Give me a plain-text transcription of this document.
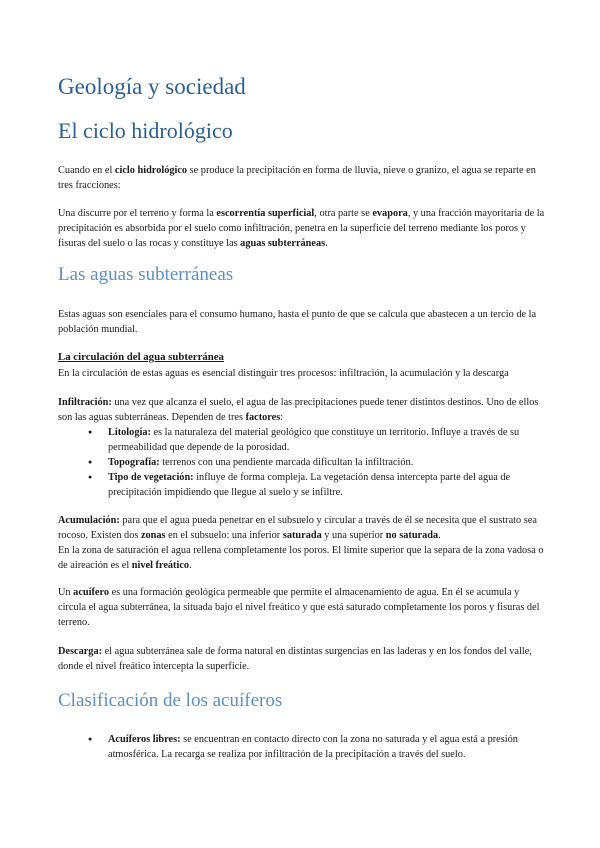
Geología y sociedad
El ciclo hidrológico
Cuando en el ciclo hidrológico se produce la precipitación en forma de lluvia, nieve o granizo, el agua se reparte en tres fracciones:
Una discurre por el terreno y forma la escorrentía superficial, otra parte se evapora, y una fracción mayoritaria de la precipitación es absorbida por el suelo como infiltración, penetra en la superficie del terreno mediante los poros y fisuras del suelo o las rocas y constituye las aguas subterráneas.
Las aguas subterráneas
Estas aguas son esenciales para el consumo humano, hasta el punto de que se calcula que abastecen a un tercio de la población mundial.
La circulación del agua subterránea
En la circulación de estas aguas es esencial distinguir tres procesos: infiltración, la acumulación y la descarga
Infiltración: una vez que alcanza el suelo, el agua de las precipitaciones puede tener distintos destinos. Uno de ellos son las aguas subterráneas. Dependen de tres factores:
● Litología: es la naturaleza del material geológico que constituye un territorio. Influye a través de su permeabilidad que depende de la porosidad.
● Topografía: terrenos con una pendiente marcada dificultan la infiltración.
● Tipo de vegetación: influye de forma compleja. La vegetación densa intercepta parte del agua de precipitación impidiendo que llegue al suelo y se infiltre.
Acumulación: para que el agua pueda penetrar en el subsuelo y circular a través de él se necesita que el sustrato sea rocoso. Existen dos zonas en el subsuelo: una inferior saturada y una superior no saturada.
En la zona de saturación el agua rellena completamente los poros. El límite superior que la separa de la zona vadosa o de aireación es el nivel freático.
Un acuífero es una formación geológica permeable que permite el almacenamiento de agua. En él se acumula y circula el agua subterránea, la situada bajo el nivel freático y que está saturado completamente los poros y fisuras del terreno.
Descarga: el agua subterránea sale de forma natural en distintas surgencias en las laderas y en los fondos del valle, donde el nivel freático intercepta la superficie.
Clasificación de los acuíferos
● Acuíferos libres: se encuentran en contacto directo con la zona no saturada y el agua está a presión atmosférica. La recarga se realiza por infiltración de la precipitación a través del suelo.
